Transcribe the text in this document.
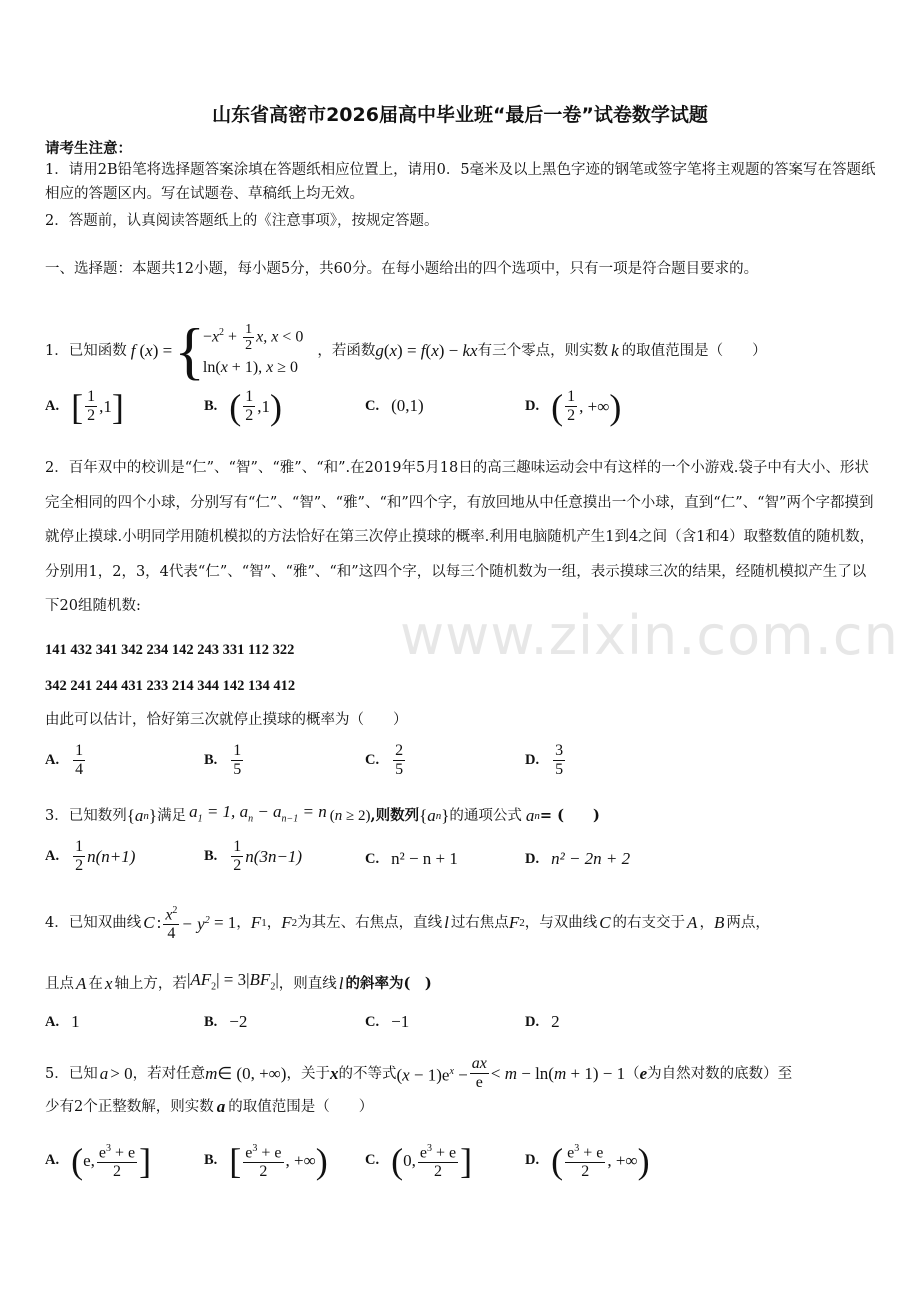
山东省高密市2026届高中毕业班“最后一卷”试卷数学试题
请考生注意：
1．请用2B铅笔将选择题答案涂填在答题纸相应位置上，请用0．5毫米及以上黑色字迹的钢笔或签字笔将主观题的答案写在答题纸相应的答题区内。写在试题卷、草稿纸上均无效。
2．答题前，认真阅读答题纸上的《注意事项》，按规定答题。
一、选择题：本题共12小题，每小题5分，共60分。在每小题给出的四个选项中，只有一项是符合题目要求的。
1．已知函数 f ( x ) = {
$-x^2 + \frac{1}{2} x$, x < 0
ln(x + 1), x ≥ 0
，若函数 g(x) = f(x) − kx 有三个零点，则实数 k 的取值范围是（　　）
A. [ $\frac{1}{2} ,1$ ]	B. ( $\frac{1}{2} ,1$ )	C. (0,1)	D. ( $\frac{1}{2}$ , +∞ )
2．百年双中的校训是“仁”、“智”、“雅”、“和”.在2019年5月18日的高三趣味运动会中有这样的一个小游戏.袋子中有大小、形状完全相同的四个小球，分别写有“仁”、“智”、“雅”、“和”四个字，有放回地从中任意摸出一个小球，直到“仁”、“智”两个字都摸到就停止摸球.小明同学用随机模拟的方法恰好在第三次停止摸球的概率.利用电脑随机产生1到4之间（含1和4）取整数值的随机数，分别用1，2，3，4代表“仁”、“智”、“雅”、“和”这四个字，以每三个随机数为一组，表示摸球三次的结果，经随机模拟产生了以下20组随机数:
141 432 341 342 234 142 243 331 112 322
342 241 244 431 233 214 344 142 134 412
由此可以估计，恰好第三次就停止摸球的概率为（　　）
A. $\frac{1}{4}$	B. $\frac{1}{5}$	C. $\frac{2}{5}$	D. $\frac{3}{5}$
3．已知数列 { a n } 满足 $a_1 = 1$, $a_n - a_{n-1} = n$ (n ≥ 2) ,则数列 { a n } 的通项公式 a n = (　　)
A. $\frac{1}{2} n(n+1)$	B. $\frac{1}{2} n(3n-1)$	C. n² − n + 1	D. n² − 2n + 2
4．已知双曲线 C : $\frac{x^2}{4} - y^2 = 1$ ， F 1 ， F 2 为其左、右焦点，直线 l 过右焦点 F 2 ，与双曲线 C 的右支交于 A ， B 两点，
且点 A 在 x 轴上方，若 $|AF_2| = 3|BF_2|$ ，则直线 l 的斜率为(　)
A. 1	B. −2	C. −1	D. 2
5．已知 a > 0 ，若对任意 m ∈ (0, +∞) ，关于 x 的不等式 $(x - 1)e^x - \frac{ax}{e} < m - \ln(m + 1) - 1$ （ e 为自然对数的底数）至
少有2个正整数解，则实数 a 的取值范围是（　　）
A. ( e, $\frac{e^3 + e}{2}$ ]	B. [ $\frac{e^3 + e}{2}$ , +∞ )	C. ( 0, $\frac{e^3 + e}{2}$ ]	D. ( $\frac{e^3 + e}{2}$ , +∞ )
www.zixin.com.cn
